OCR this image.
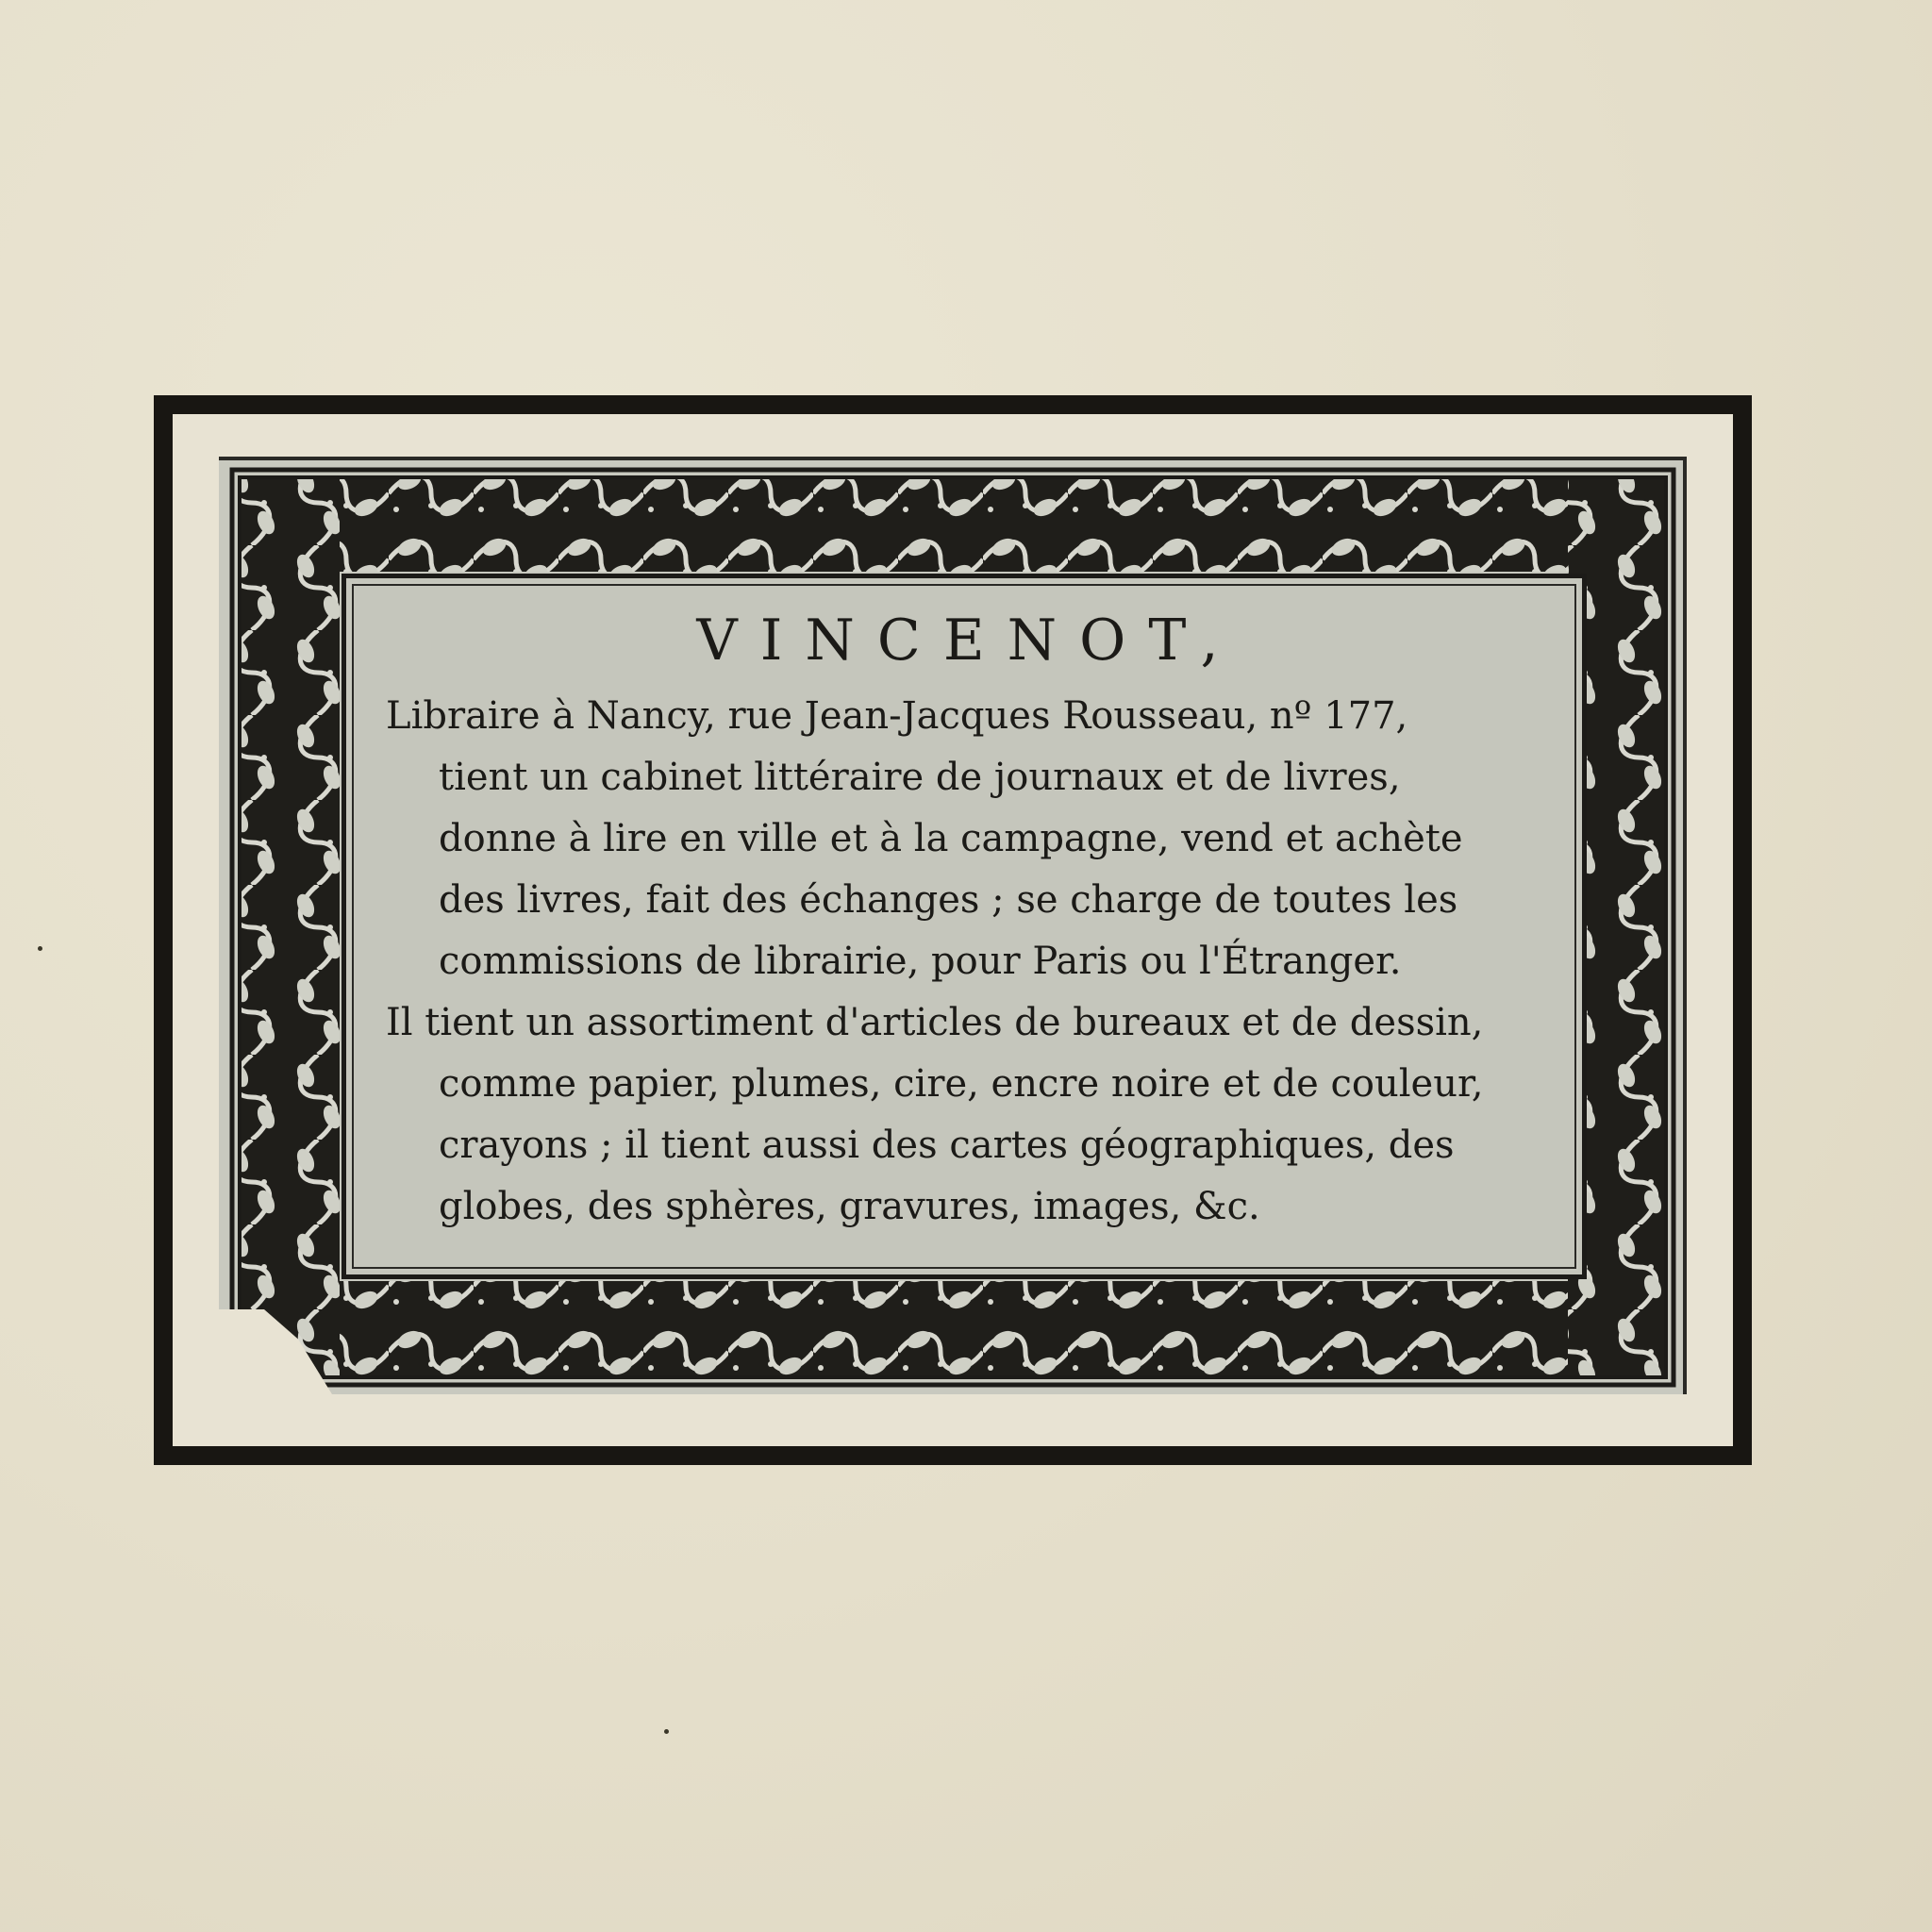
VINCENOT,

Libraire à Nancy, rue Jean-Jacques Rousseau, nº 177,
tient un cabinet littéraire de journaux et de livres,
donne à lire en ville et à la campagne, vend et achète
des livres, fait des échanges ; se charge de toutes les
commissions de librairie, pour Paris ou l'Étranger.

Il tient un assortiment d'articles de bureaux et de dessin,
comme papier, plumes, cire, encre noire et de couleur,
crayons ; il tient aussi des cartes géographiques, des
globes, des sphères, gravures, images, &c.
